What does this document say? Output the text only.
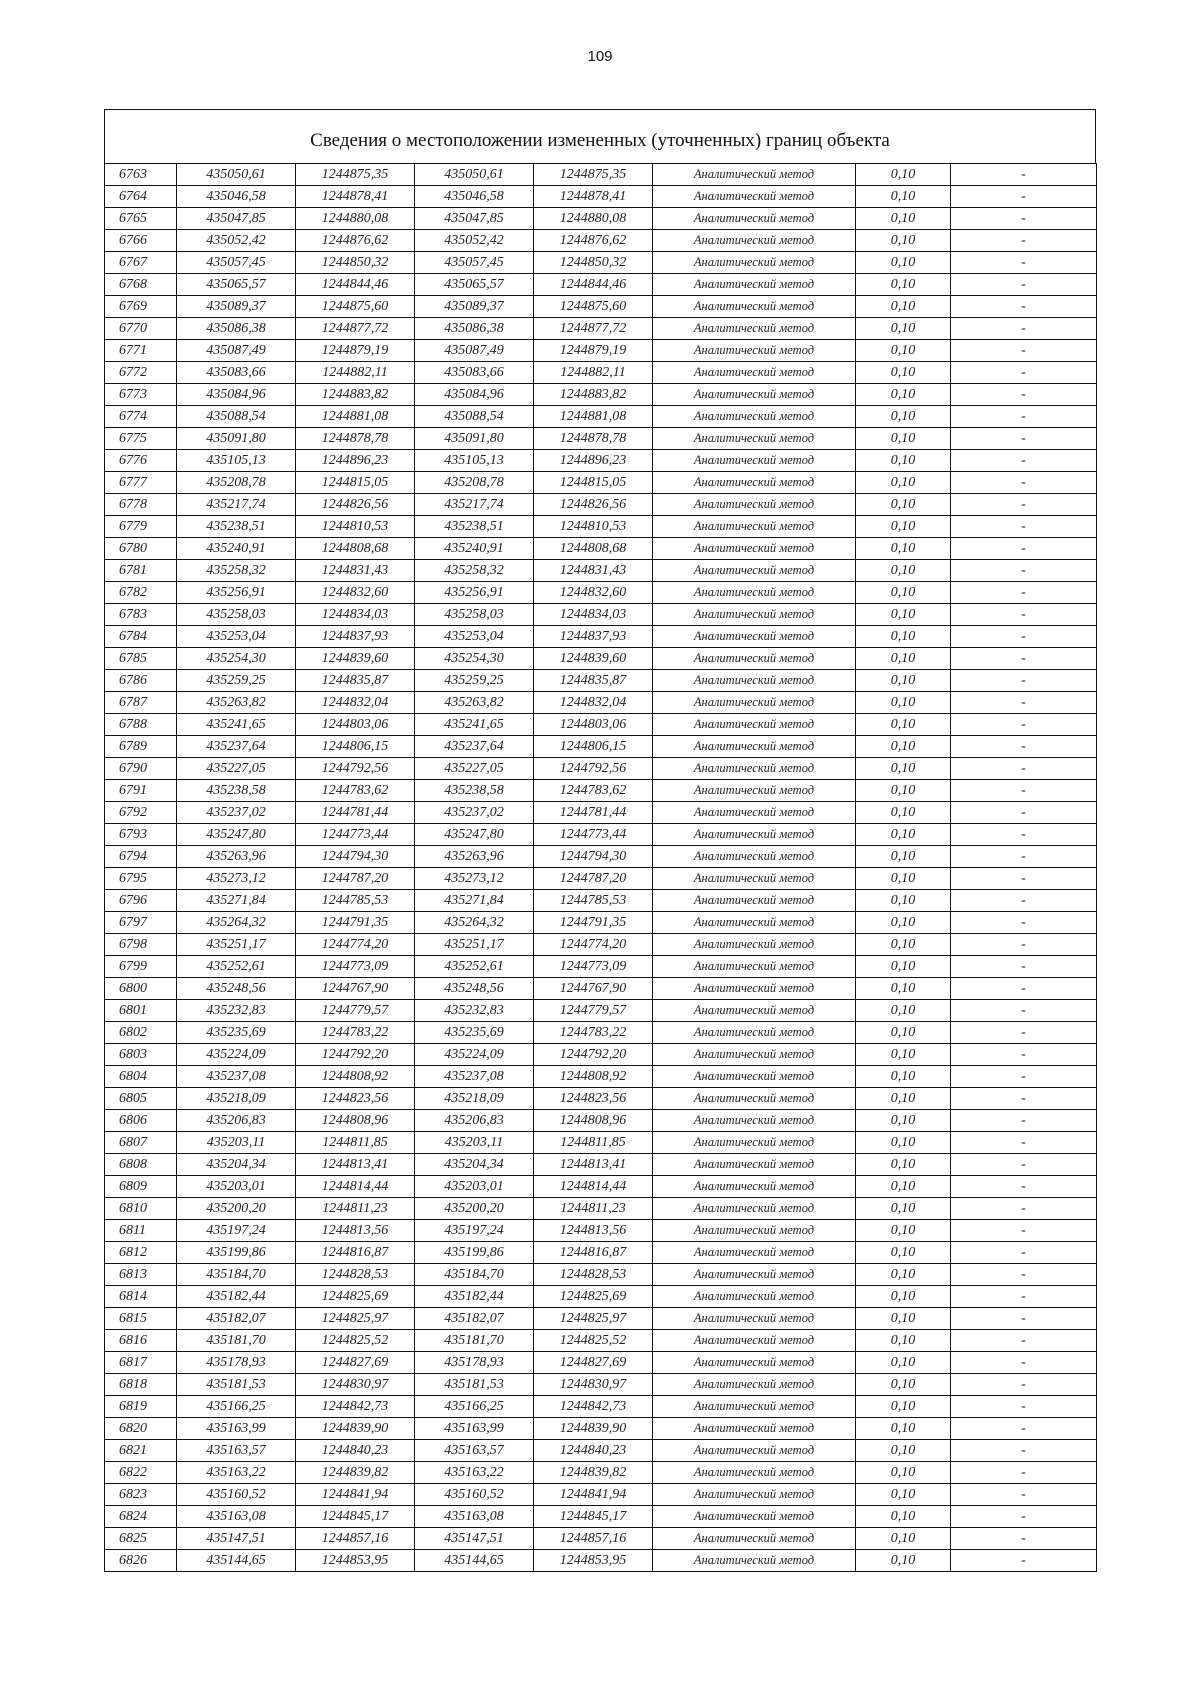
109
Сведения о местоположении измененных (уточненных) границ объекта
6763	435050,61	1244875,35	435050,61	1244875,35	Аналитический метод	0,10	-
6764	435046,58	1244878,41	435046,58	1244878,41	Аналитический метод	0,10	-
6765	435047,85	1244880,08	435047,85	1244880,08	Аналитический метод	0,10	-
6766	435052,42	1244876,62	435052,42	1244876,62	Аналитический метод	0,10	-
6767	435057,45	1244850,32	435057,45	1244850,32	Аналитический метод	0,10	-
6768	435065,57	1244844,46	435065,57	1244844,46	Аналитический метод	0,10	-
6769	435089,37	1244875,60	435089,37	1244875,60	Аналитический метод	0,10	-
6770	435086,38	1244877,72	435086,38	1244877,72	Аналитический метод	0,10	-
6771	435087,49	1244879,19	435087,49	1244879,19	Аналитический метод	0,10	-
6772	435083,66	1244882,11	435083,66	1244882,11	Аналитический метод	0,10	-
6773	435084,96	1244883,82	435084,96	1244883,82	Аналитический метод	0,10	-
6774	435088,54	1244881,08	435088,54	1244881,08	Аналитический метод	0,10	-
6775	435091,80	1244878,78	435091,80	1244878,78	Аналитический метод	0,10	-
6776	435105,13	1244896,23	435105,13	1244896,23	Аналитический метод	0,10	-
6777	435208,78	1244815,05	435208,78	1244815,05	Аналитический метод	0,10	-
6778	435217,74	1244826,56	435217,74	1244826,56	Аналитический метод	0,10	-
6779	435238,51	1244810,53	435238,51	1244810,53	Аналитический метод	0,10	-
6780	435240,91	1244808,68	435240,91	1244808,68	Аналитический метод	0,10	-
6781	435258,32	1244831,43	435258,32	1244831,43	Аналитический метод	0,10	-
6782	435256,91	1244832,60	435256,91	1244832,60	Аналитический метод	0,10	-
6783	435258,03	1244834,03	435258,03	1244834,03	Аналитический метод	0,10	-
6784	435253,04	1244837,93	435253,04	1244837,93	Аналитический метод	0,10	-
6785	435254,30	1244839,60	435254,30	1244839,60	Аналитический метод	0,10	-
6786	435259,25	1244835,87	435259,25	1244835,87	Аналитический метод	0,10	-
6787	435263,82	1244832,04	435263,82	1244832,04	Аналитический метод	0,10	-
6788	435241,65	1244803,06	435241,65	1244803,06	Аналитический метод	0,10	-
6789	435237,64	1244806,15	435237,64	1244806,15	Аналитический метод	0,10	-
6790	435227,05	1244792,56	435227,05	1244792,56	Аналитический метод	0,10	-
6791	435238,58	1244783,62	435238,58	1244783,62	Аналитический метод	0,10	-
6792	435237,02	1244781,44	435237,02	1244781,44	Аналитический метод	0,10	-
6793	435247,80	1244773,44	435247,80	1244773,44	Аналитический метод	0,10	-
6794	435263,96	1244794,30	435263,96	1244794,30	Аналитический метод	0,10	-
6795	435273,12	1244787,20	435273,12	1244787,20	Аналитический метод	0,10	-
6796	435271,84	1244785,53	435271,84	1244785,53	Аналитический метод	0,10	-
6797	435264,32	1244791,35	435264,32	1244791,35	Аналитический метод	0,10	-
6798	435251,17	1244774,20	435251,17	1244774,20	Аналитический метод	0,10	-
6799	435252,61	1244773,09	435252,61	1244773,09	Аналитический метод	0,10	-
6800	435248,56	1244767,90	435248,56	1244767,90	Аналитический метод	0,10	-
6801	435232,83	1244779,57	435232,83	1244779,57	Аналитический метод	0,10	-
6802	435235,69	1244783,22	435235,69	1244783,22	Аналитический метод	0,10	-
6803	435224,09	1244792,20	435224,09	1244792,20	Аналитический метод	0,10	-
6804	435237,08	1244808,92	435237,08	1244808,92	Аналитический метод	0,10	-
6805	435218,09	1244823,56	435218,09	1244823,56	Аналитический метод	0,10	-
6806	435206,83	1244808,96	435206,83	1244808,96	Аналитический метод	0,10	-
6807	435203,11	1244811,85	435203,11	1244811,85	Аналитический метод	0,10	-
6808	435204,34	1244813,41	435204,34	1244813,41	Аналитический метод	0,10	-
6809	435203,01	1244814,44	435203,01	1244814,44	Аналитический метод	0,10	-
6810	435200,20	1244811,23	435200,20	1244811,23	Аналитический метод	0,10	-
6811	435197,24	1244813,56	435197,24	1244813,56	Аналитический метод	0,10	-
6812	435199,86	1244816,87	435199,86	1244816,87	Аналитический метод	0,10	-
6813	435184,70	1244828,53	435184,70	1244828,53	Аналитический метод	0,10	-
6814	435182,44	1244825,69	435182,44	1244825,69	Аналитический метод	0,10	-
6815	435182,07	1244825,97	435182,07	1244825,97	Аналитический метод	0,10	-
6816	435181,70	1244825,52	435181,70	1244825,52	Аналитический метод	0,10	-
6817	435178,93	1244827,69	435178,93	1244827,69	Аналитический метод	0,10	-
6818	435181,53	1244830,97	435181,53	1244830,97	Аналитический метод	0,10	-
6819	435166,25	1244842,73	435166,25	1244842,73	Аналитический метод	0,10	-
6820	435163,99	1244839,90	435163,99	1244839,90	Аналитический метод	0,10	-
6821	435163,57	1244840,23	435163,57	1244840,23	Аналитический метод	0,10	-
6822	435163,22	1244839,82	435163,22	1244839,82	Аналитический метод	0,10	-
6823	435160,52	1244841,94	435160,52	1244841,94	Аналитический метод	0,10	-
6824	435163,08	1244845,17	435163,08	1244845,17	Аналитический метод	0,10	-
6825	435147,51	1244857,16	435147,51	1244857,16	Аналитический метод	0,10	-
6826	435144,65	1244853,95	435144,65	1244853,95	Аналитический метод	0,10	-
